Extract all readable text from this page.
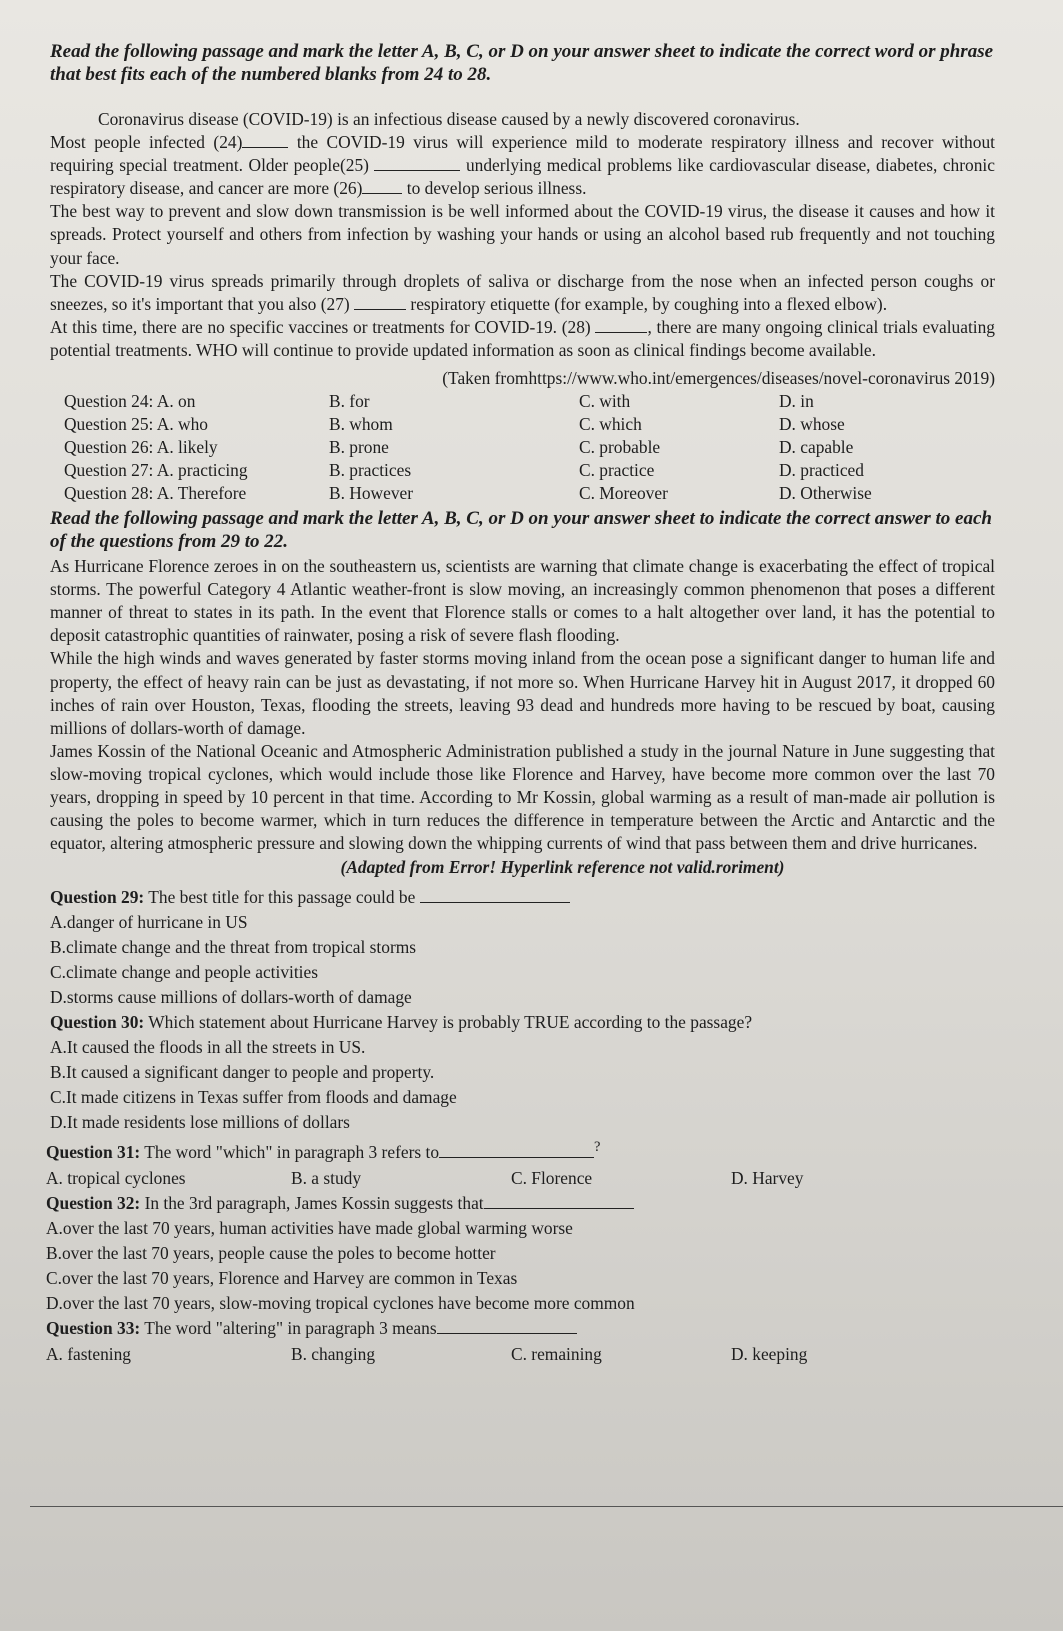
Read the following passage and mark the letter A, B, C, or D on your answer sheet to indicate the correct word or phrase that best fits each of the numbered blanks from 24 to 28.

Coronavirus disease (COVID-19) is an infectious disease caused by a newly discovered coronavirus.

Most people infected (24)	the COVID-19 virus will experience mild to moderate respiratory illness and recover without requiring special treatment. Older people(25)	underlying medical problems like cardiovascular disease, diabetes, chronic respiratory disease, and cancer are more (26)	to develop serious illness.

The best way to prevent and slow down transmission is be well informed about the COVID-19 virus, the disease it causes and how it spreads. Protect yourself and others from infection by washing your hands or using an alcohol based rub frequently and not touching your face.

The COVID-19 virus spreads primarily through droplets of saliva or discharge from the nose when an infected person coughs or sneezes, so it's important that you also (27)	respiratory etiquette (for example, by coughing into a flexed elbow).

At this time, there are no specific vaccines or treatments for COVID-19. (28)	, there are many ongoing clinical trials evaluating potential treatments. WHO will continue to provide updated information as soon as clinical findings become available.

(Taken fromhttps://www.who.int/emergences/diseases/novel-coronavirus 2019)

Question 24: A. on	B. for	C. with	D. in
Question 25: A. who	B. whom	C. which	D. whose
Question 26: A. likely	B. prone	C. probable	D. capable
Question 27: A. practicing	B. practices	C. practice	D. practiced
Question 28: A. Therefore	B. However	C. Moreover	D. Otherwise

Read the following passage and mark the letter A, B, C, or D on your answer sheet to indicate the correct answer to each of the questions from 29 to 22.

As Hurricane Florence zeroes in on the southeastern us, scientists are warning that climate change is exacerbating the effect of tropical storms. The powerful Category 4 Atlantic weather-front is slow moving, an increasingly common phenomenon that poses a different manner of threat to states in its path. In the event that Florence stalls or comes to a halt altogether over land, it has the potential to deposit catastrophic quantities of rainwater, posing a risk of severe flash flooding.

While the high winds and waves generated by faster storms moving inland from the ocean pose a significant danger to human life and property, the effect of heavy rain can be just as devastating, if not more so. When Hurricane Harvey hit in August 2017, it dropped 60 inches of rain over Houston, Texas, flooding the streets, leaving 93 dead and hundreds more having to be rescued by boat, causing millions of dollars-worth of damage.

James Kossin of the National Oceanic and Atmospheric Administration published a study in the journal Nature in June suggesting that slow-moving tropical cyclones, which would include those like Florence and Harvey, have become more common over the last 70 years, dropping in speed by 10 percent in that time. According to Mr Kossin, global warming as a result of man-made air pollution is causing the poles to become warmer, which in turn reduces the difference in temperature between the Arctic and Antarctic and the equator, altering atmospheric pressure and slowing down the whipping currents of wind that pass between them and drive hurricanes.

(Adapted from Error! Hyperlink reference not valid.roriment)

Question 29: The best title for this passage could be

A.danger of hurricane in US

B.climate change and the threat from tropical storms

C.climate change and people activities

D.storms cause millions of dollars-worth of damage

Question 30: Which statement about Hurricane Harvey is probably TRUE according to the passage?

A.It caused the floods in all the streets in US.

B.It caused a significant danger to people and property.

C.It made citizens in Texas suffer from floods and damage

D.It made residents lose millions of dollars

Question 31: The word "which" in paragraph 3 refers to	?

A. tropical cyclones	B. a study	C. Florence	D. Harvey

Question 32: In the 3rd paragraph, James Kossin suggests that

A.over the last 70 years, human activities have made global warming worse

B.over the last 70 years, people cause the poles to become hotter

C.over the last 70 years, Florence and Harvey are common in Texas

D.over the last 70 years, slow-moving tropical cyclones have become more common

Question 33: The word "altering" in paragraph 3 means

A. fastening	B. changing	C. remaining	D. keeping
